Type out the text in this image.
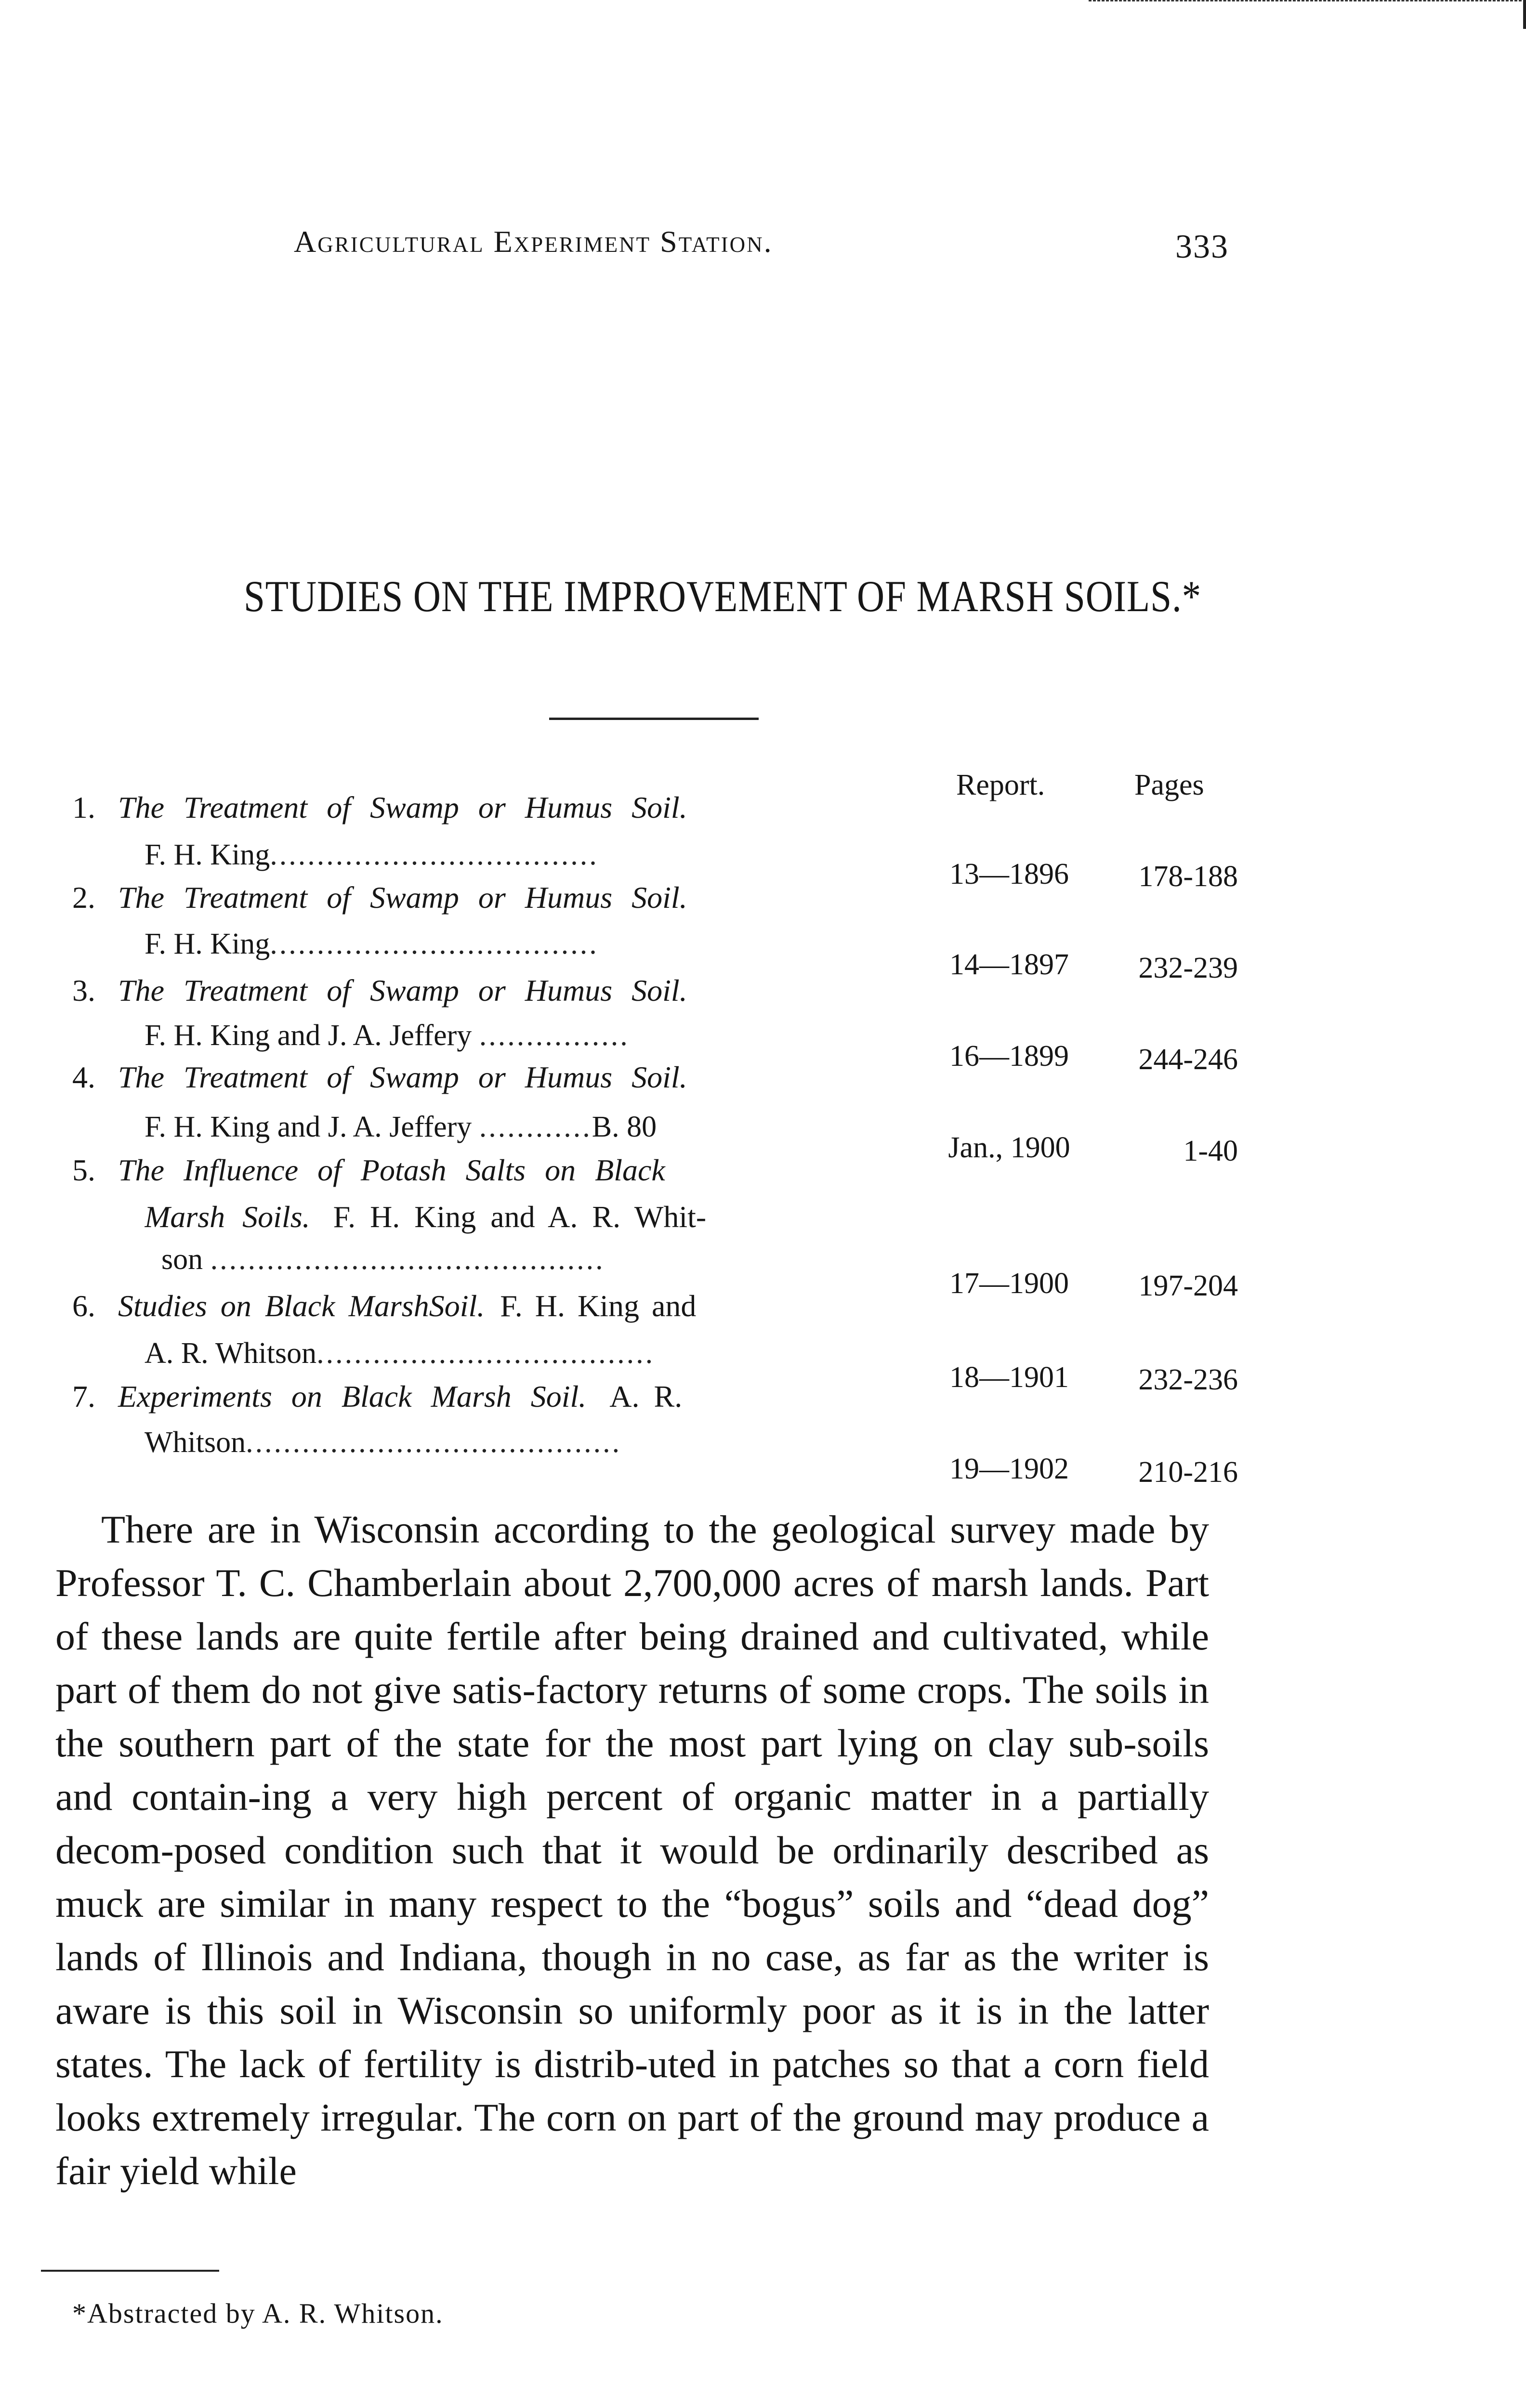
Agricultural Experiment Station.	333
STUDIES ON THE IMPROVEMENT OF MARSH SOILS.*
Report.	Pages
1. The Treatment of Swamp or Humus Soil.
F. H. King...................................
13—1896	178-188
2. The Treatment of Swamp or Humus Soil.
F. H. King...................................
14—1897	232-239
3. The Treatment of Swamp or Humus Soil.
F. H. King and J. A. Jeffery ................
16—1899	244-246
4. The Treatment of Swamp or Humus Soil.
F. H. King and J. A. Jeffery ............B. 80
Jan., 1900	1-40
5. The Influence of Potash Salts on Black
Marsh Soils. F. H. King and A. R. Whit-
son ..........................................
17—1900	197-204
6. Studies on Black MarshSoil. F. H. King and
A. R. Whitson....................................
18—1901	232-236
7. Experiments on Black Marsh Soil. A. R.
Whitson........................................
19—1902	210-216

There are in Wisconsin according to the geological survey made by Professor T. C. Chamberlain about 2,700,000 acres of marsh lands. Part of these lands are quite fertile after being drained and cultivated, while part of them do not give satis-factory returns of some crops. The soils in the southern part of the state for the most part lying on clay sub-soils and contain-ing a very high percent of organic matter in a partially decom-posed condition such that it would be ordinarily described as muck are similar in many respect to the “bogus” soils and “dead dog” lands of Illinois and Indiana, though in no case, as far as the writer is aware is this soil in Wisconsin so uniformly poor as it is in the latter states. The lack of fertility is distrib-uted in patches so that a corn field looks extremely irregular. The corn on part of the ground may produce a fair yield while

*Abstracted by A. R. Whitson.
